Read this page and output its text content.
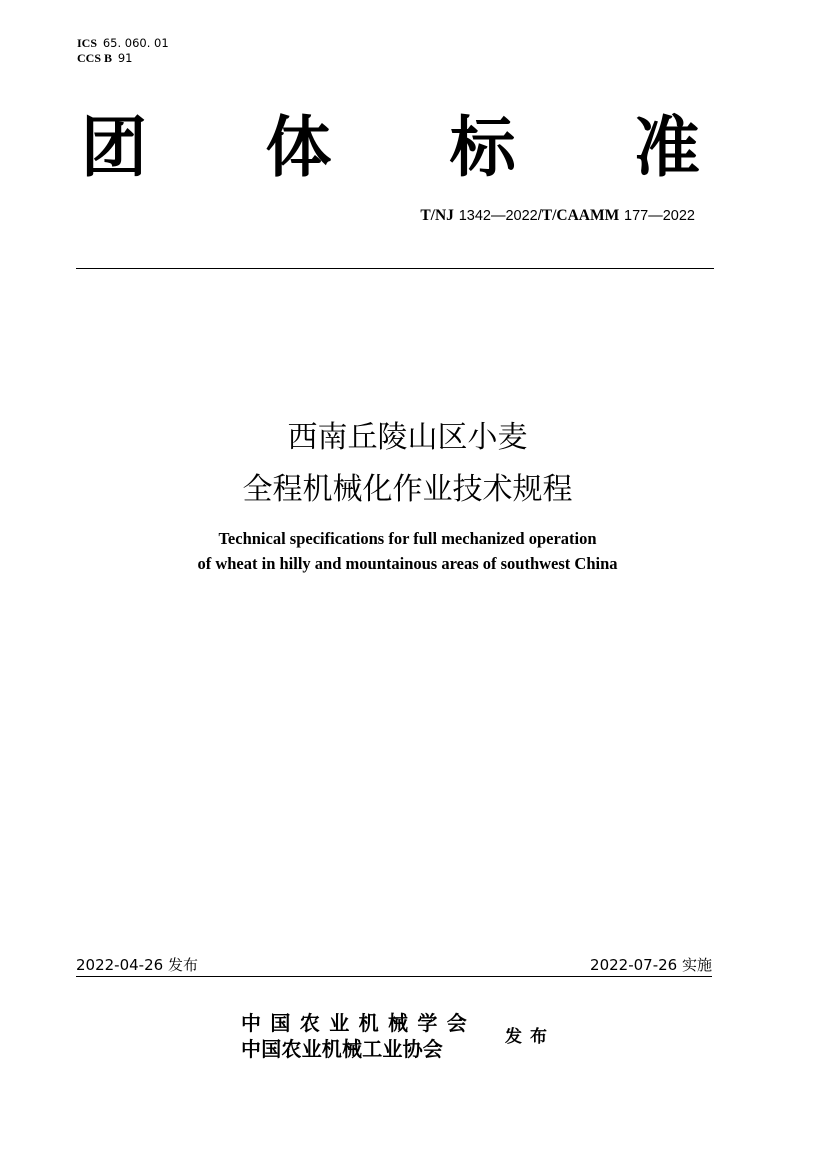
ICS 65. 060. 01
CCS B 91
团 体 标 准
T/NJ 1342—2022/T/CAAMM 177—2022
西南丘陵山区小麦
全程机械化作业技术规程
Technical specifications for full mechanized operation
of wheat in hilly and mountainous areas of southwest China
2022-04-26 发布	2022-07-26 实施
中国农业机械学会
中国农业机械工业协会	发布
